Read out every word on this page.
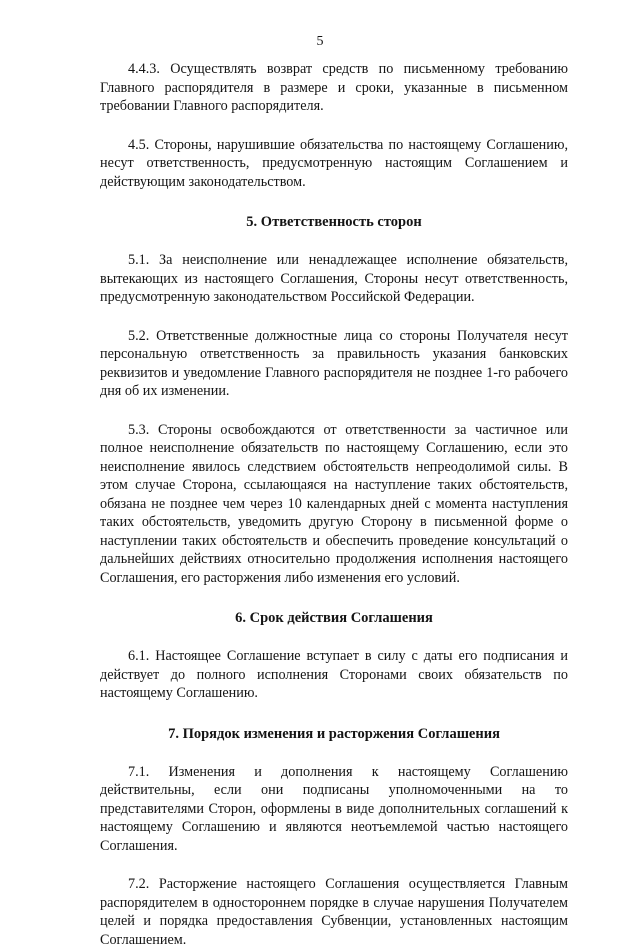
5

4.4.3. Осуществлять возврат средств по письменному требованию Главного распорядителя в размере и сроки, указанные в письменном требовании Главного распорядителя.

4.5. Стороны, нарушившие обязательства по настоящему Соглашению, несут ответственность, предусмотренную настоящим Соглашением и действующим законодательством.

5. Ответственность сторон

5.1. За неисполнение или ненадлежащее исполнение обязательств, вытекающих из настоящего Соглашения, Стороны несут ответственность, предусмотренную законодательством Российской Федерации.

5.2. Ответственные должностные лица со стороны Получателя несут персональную ответственность за правильность указания банковских реквизитов и уведомление Главного распорядителя не позднее 1-го рабочего дня об их изменении.

5.3. Стороны освобождаются от ответственности за частичное или полное неисполнение обязательств по настоящему Соглашению, если это неисполнение явилось следствием обстоятельств непреодолимой силы. В этом случае Сторона, ссылающаяся на наступление таких обстоятельств, обязана не позднее чем через 10 календарных дней с момента наступления таких обстоятельств, уведомить другую Сторону в письменной форме о наступлении таких обстоятельств и обеспечить проведение консультаций о дальнейших действиях относительно продолжения исполнения настоящего Соглашения, его расторжения либо изменения его условий.

6. Срок действия Соглашения

6.1. Настоящее Соглашение вступает в силу с даты его подписания и действует до полного исполнения Сторонами своих обязательств по настоящему Соглашению.

7. Порядок изменения и расторжения Соглашения

7.1. Изменения и дополнения к настоящему Соглашению действительны, если они подписаны уполномоченными на то представителями Сторон, оформлены в виде дополнительных соглашений к настоящему Соглашению и являются неотъемлемой частью настоящего Соглашения.

7.2. Расторжение настоящего Соглашения осуществляется Главным распорядителем в одностороннем порядке в случае нарушения Получателем целей и порядка предоставления Субвенции, установленных настоящим Соглашением.
